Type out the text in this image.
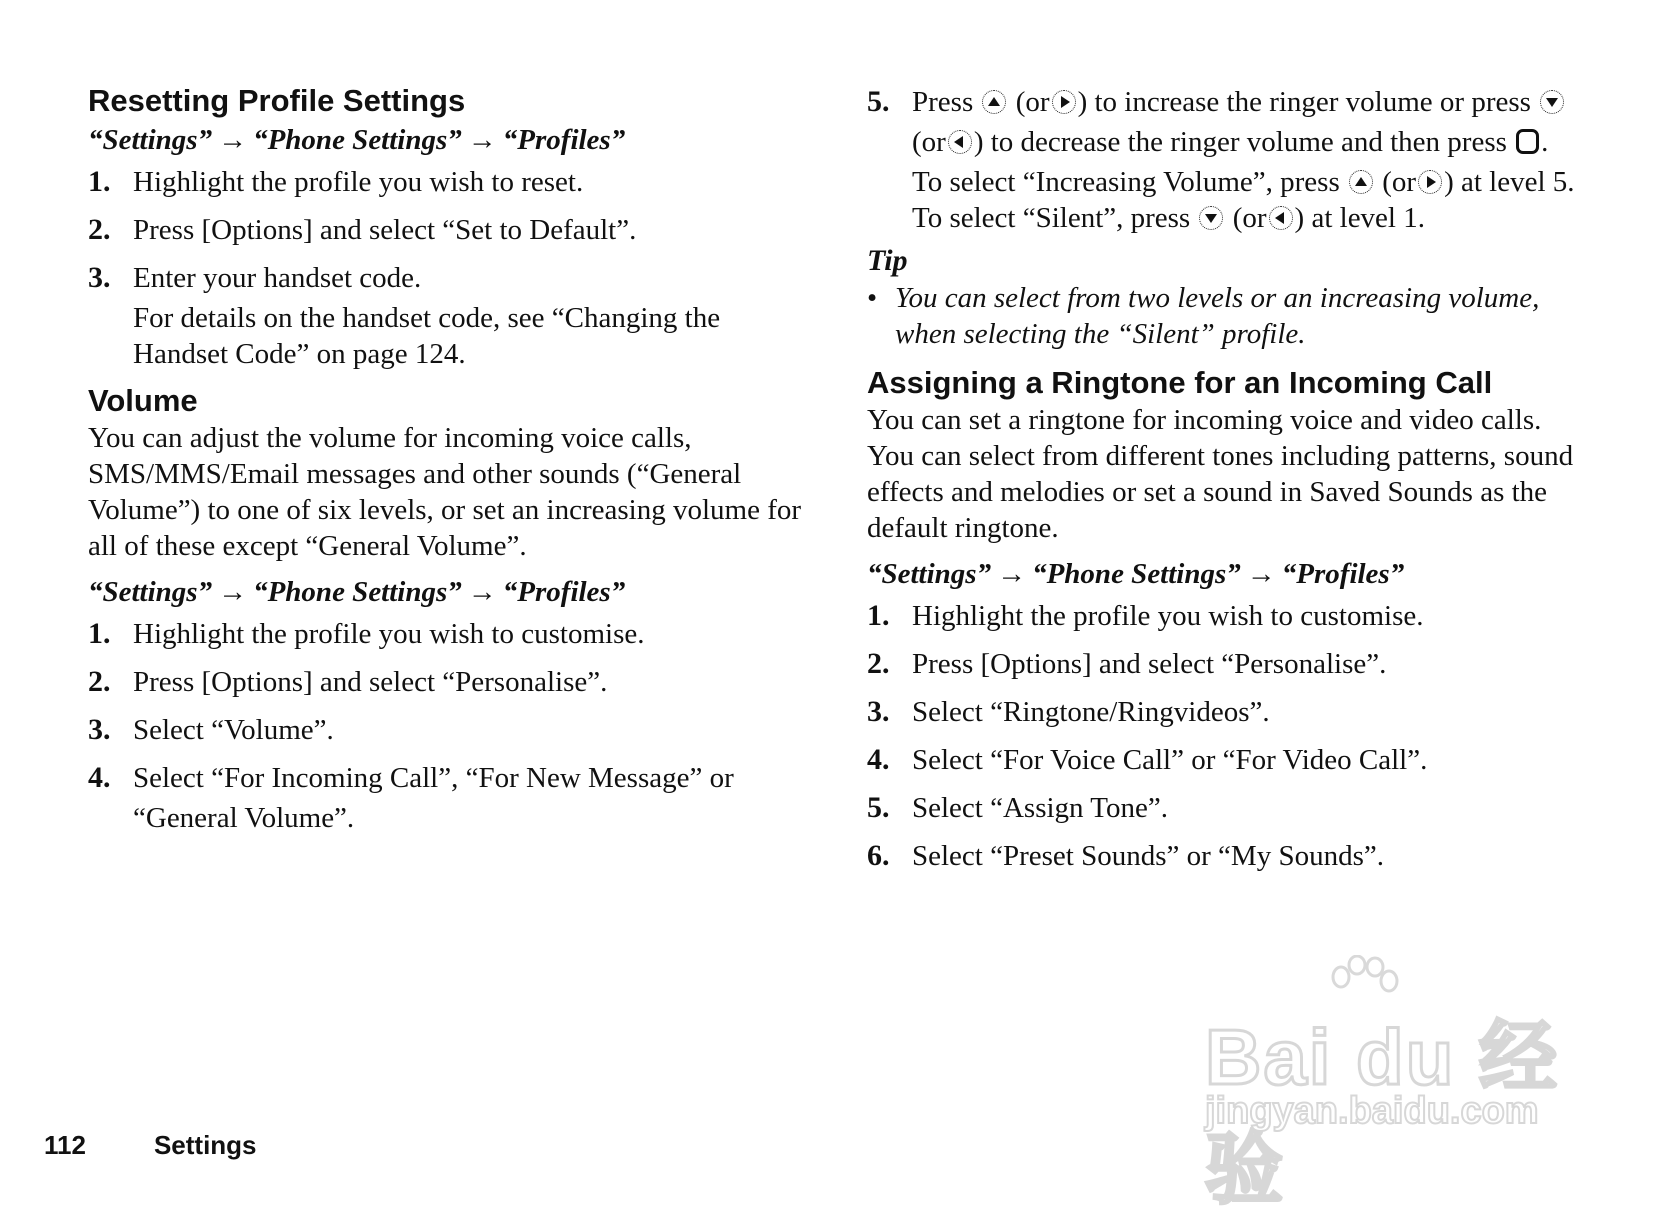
Resetting Profile Settings
“Settings” → “Phone Settings” → “Profiles”
1. Highlight the profile you wish to reset.
2. Press [Options] and select “Set to Default”.
3. Enter your handset code.
For details on the handset code, see “Changing the Handset Code” on page 124.
Volume

You can adjust the volume for incoming voice calls, SMS/MMS/Email messages and other sounds (“General Volume”) to one of six levels, or set an increasing volume for all of these except “General Volume”.

“Settings” → “Phone Settings” → “Profiles”
1. Highlight the profile you wish to customise.
2. Press [Options] and select “Personalise”.
3. Select “Volume”.
4. Select “For Incoming Call”, “For New Message” or “General Volume”.
5. Press (or ) to increase the ringer volume or press  (or ) to decrease the ringer volume and then press .
To select “Increasing Volume”, press (or ) at level 5.
To select “Silent”, press (or ) at level 1.
Tip
• You can select from two levels or an increasing volume, when selecting the “Silent” profile.
Assigning a Ringtone for an Incoming Call

You can set a ringtone for incoming voice and video calls. You can select from different tones including patterns, sound effects and melodies or set a sound in Saved Sounds as the default ringtone.

“Settings” → “Phone Settings” → “Profiles”
1. Highlight the profile you wish to customise.
2. Press [Options] and select “Personalise”.
3. Select “Ringtone/Ringvideos”.
4. Select “For Voice Call” or “For Video Call”.
5. Select “Assign Tone”.
6. Select “Preset Sounds” or “My Sounds”.
112	Settings
Bai du 经验
jingyan.baidu.com
